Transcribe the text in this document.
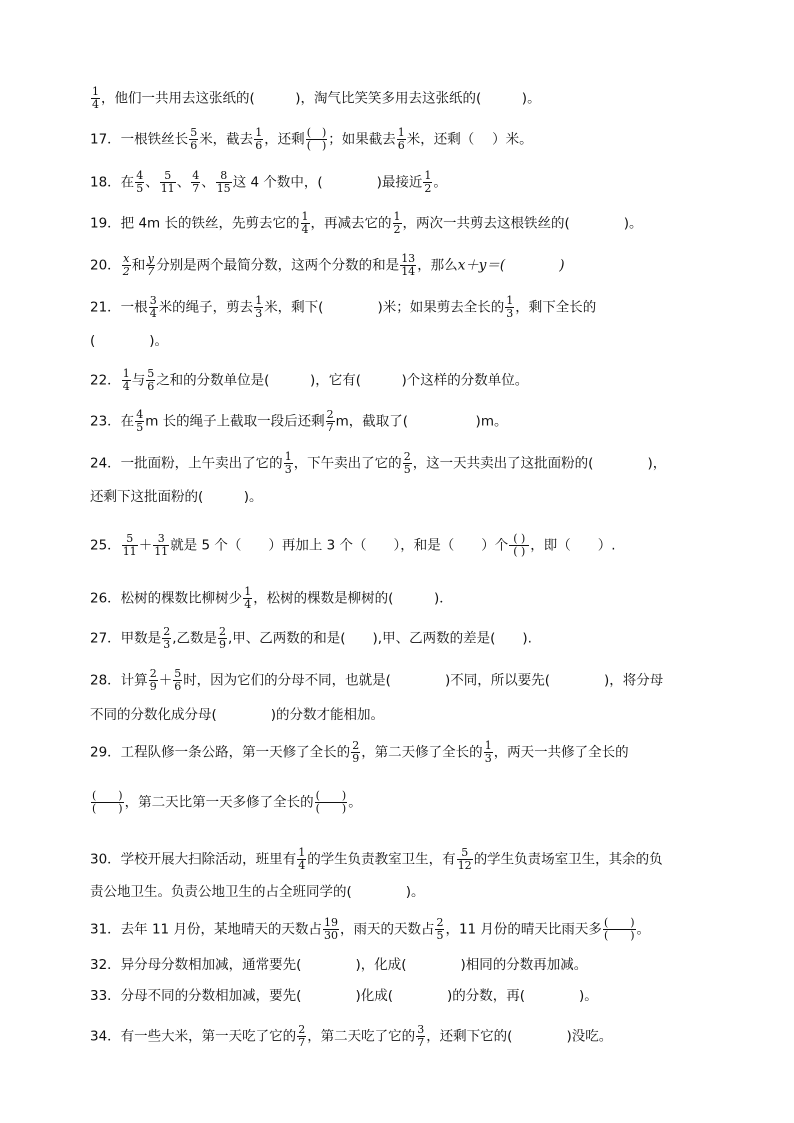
$\frac{1}{4}$ ，他们一共用去这张纸的(　　　)，淘气比笑笑多用去这张纸的(　　　)。
17．一根铁丝长 $\frac{5}{6}$ 米，截去 $\frac{1}{6}$ ，还剩 (　)
(　) ；如果截去 $\frac{1}{6}$ 米，还剩（　 ）米。
18．在 $\frac{4}{5}$ 、 $\frac{5}{11}$ 、 $\frac{4}{7}$ 、 $\frac{8}{15}$ 这 4 个数中，(　　　　)最接近 $\frac{1}{2}$ 。
19．把 4m 长的铁丝，先剪去它的 $\frac{1}{4}$ ，再减去它的 $\frac{1}{2}$ ，两次一共剪去这根铁丝的(　　　　)。
20． $\frac{x}{2}$ 和 $\frac{y}{7}$ 分别是两个最简分数，这两个分数的和是 $\frac{13}{14}$ ，那么x＋y＝(　　　　)
21．一根 $\frac{3}{4}$ 米的绳子，剪去 $\frac{1}{3}$ 米，剩下(　　　　)米；如果剪去全长的 $\frac{1}{3}$ ，剩下全长的
(　　　　)。
22． $\frac{1}{4}$ 与 $\frac{5}{6}$ 之和的分数单位是(　　　)，它有(　　　)个这样的分数单位。
23．在 $\frac{4}{5}$ m 长的绳子上截取一段后还剩 $\frac{2}{7}$ m，截取了(　　　　　)m。
24．一批面粉，上午卖出了它的 $\frac{1}{3}$ ，下午卖出了它的 $\frac{2}{5}$ ，这一天共卖出了这批面粉的(　　　　)，
还剩下这批面粉的(　　　)。
25． $\frac{5}{11} + \frac{3}{11}$ 就是 5 个（　　）再加上 3 个（　　），和是（　　）个 ( )
( ) ，即（　　）.
26．松树的棵数比柳树少 $\frac{1}{4}$ ，松树的棵数是柳树的(　　　)．
27．甲数是 $\frac{2}{3}$ ,乙数是 $\frac{2}{9}$ ,甲、乙两数的和是(　　),甲、乙两数的差是(　　).
28．计算 $\frac{2}{9} + \frac{5}{6}$ 时，因为它们的分母不同，也就是(　　　　)不同，所以要先(　　　　)，将分母
不同的分数化成分母(　　　　)的分数才能相加。
29．工程队修一条公路，第一天修了全长的 $\frac{2}{9}$ ，第二天修了全长的 $\frac{1}{3}$ ，两天一共修了全长的
(　　)
(　　) ，第二天比第一天多修了全长的 (　　)
(　　) 。
30．学校开展大扫除活动，班里有 $\frac{1}{4}$ 的学生负责教室卫生，有 $\frac{5}{12}$ 的学生负责场室卫生，其余的负
责公地卫生。负责公地卫生的占全班同学的(　　　　)。
31．去年 11 月份，某地晴天的天数占 $\frac{19}{30}$ ，雨天的天数占 $\frac{2}{5}$ ，11 月份的晴天比雨天多 (　　)
(　　) 。
32．异分母分数相加减，通常要先(　　　　)，化成(　　　　)相同的分数再加减。
33．分母不同的分数相加减，要先(　　　　)化成(　　　　)的分数，再(　　　　)。
34．有一些大米，第一天吃了它的 $\frac{2}{7}$ ，第二天吃了它的 $\frac{3}{7}$ ，还剩下它的(　　　　)没吃。
